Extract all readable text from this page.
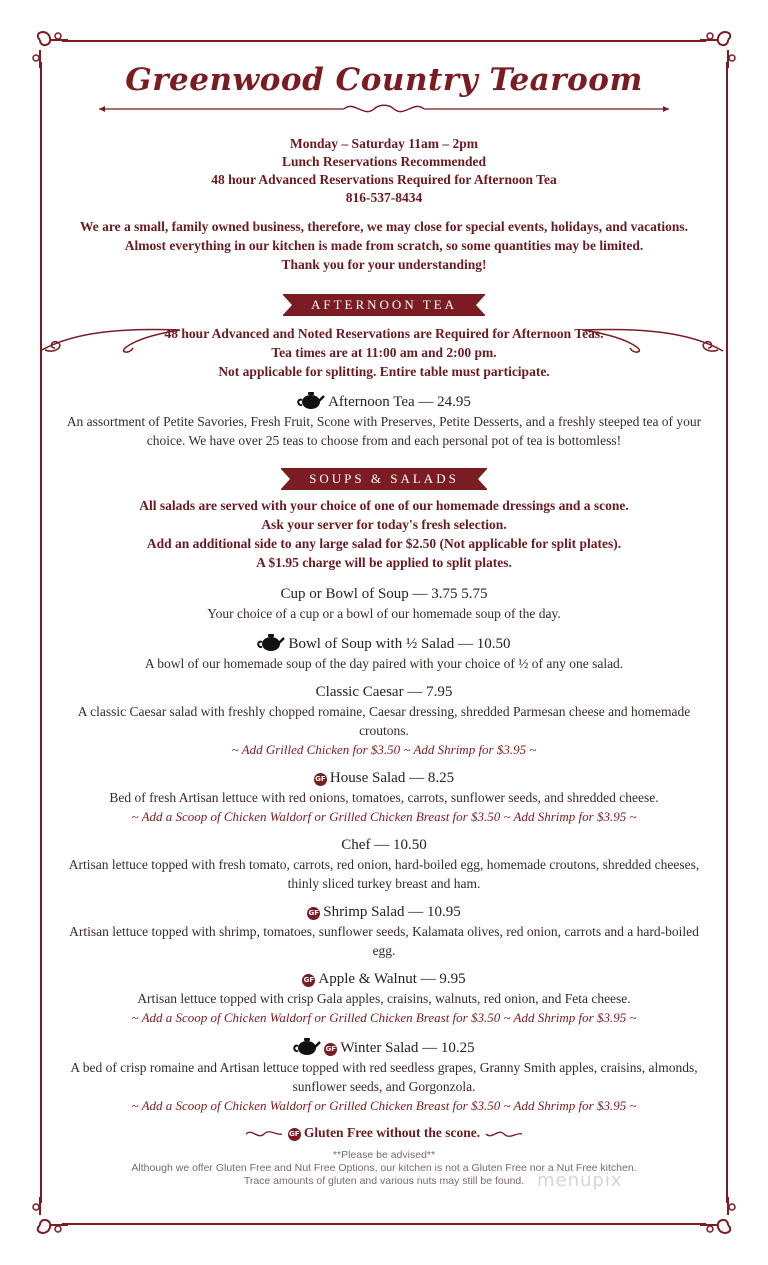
Greenwood Country Tearoom
Monday – Saturday 11am – 2pm
Lunch Reservations Recommended
48 hour Advanced Reservations Required for Afternoon Tea
816-537-8434
We are a small, family owned business, therefore, we may close for special events, holidays, and vacations.
Almost everything in our kitchen is made from scratch, so some quantities may be limited.
Thank you for your understanding!
AFTERNOON TEA
48 hour Advanced and Noted Reservations are Required for Afternoon Teas.
Tea times are at 11:00 am and 2:00 pm.
Not applicable for splitting. Entire table must participate.
Afternoon Tea — 24.95
An assortment of Petite Savories, Fresh Fruit, Scone with Preserves, Petite Desserts, and a freshly steeped tea of your choice. We have over 25 teas to choose from and each personal pot of tea is bottomless!
SOUPS & SALADS
All salads are served with your choice of one of our homemade dressings and a scone.
Ask your server for today's fresh selection.
Add an additional side to any large salad for $2.50 (Not applicable for split plates).
A $1.95 charge will be applied to split plates.
Cup or Bowl of Soup — 3.75 5.75
Your choice of a cup or a bowl of our homemade soup of the day.
Bowl of Soup with ½ Salad — 10.50
A bowl of our homemade soup of the day paired with your choice of ½ of any one salad.
Classic Caesar — 7.95
A classic Caesar salad with freshly chopped romaine, Caesar dressing, shredded Parmesan cheese and homemade croutons.
~ Add Grilled Chicken for $3.50 ~ Add Shrimp for $3.95 ~
GF House Salad — 8.25
Bed of fresh Artisan lettuce with red onions, tomatoes, carrots, sunflower seeds, and shredded cheese.
~ Add a Scoop of Chicken Waldorf or Grilled Chicken Breast for $3.50 ~ Add Shrimp for $3.95 ~
Chef — 10.50
Artisan lettuce topped with fresh tomato, carrots, red onion, hard-boiled egg, homemade croutons, shredded cheeses, thinly sliced turkey breast and ham.
GF Shrimp Salad — 10.95
Artisan lettuce topped with shrimp, tomatoes, sunflower seeds, Kalamata olives, red onion, carrots and a hard-boiled egg.
GF Apple & Walnut — 9.95
Artisan lettuce topped with crisp Gala apples, craisins, walnuts, red onion, and Feta cheese.
~ Add a Scoop of Chicken Waldorf or Grilled Chicken Breast for $3.50 ~ Add Shrimp for $3.95 ~
GF Winter Salad — 10.25
A bed of crisp romaine and Artisan lettuce topped with red seedless grapes, Granny Smith apples, craisins, almonds, sunflower seeds, and Gorgonzola.
~ Add a Scoop of Chicken Waldorf or Grilled Chicken Breast for $3.50 ~ Add Shrimp for $3.95 ~
GF Gluten Free without the scone.
**Please be advised**
Although we offer Gluten Free and Nut Free Options, our kitchen is not a Gluten Free nor a Nut Free kitchen.
Trace amounts of gluten and various nuts may still be found. menupix
